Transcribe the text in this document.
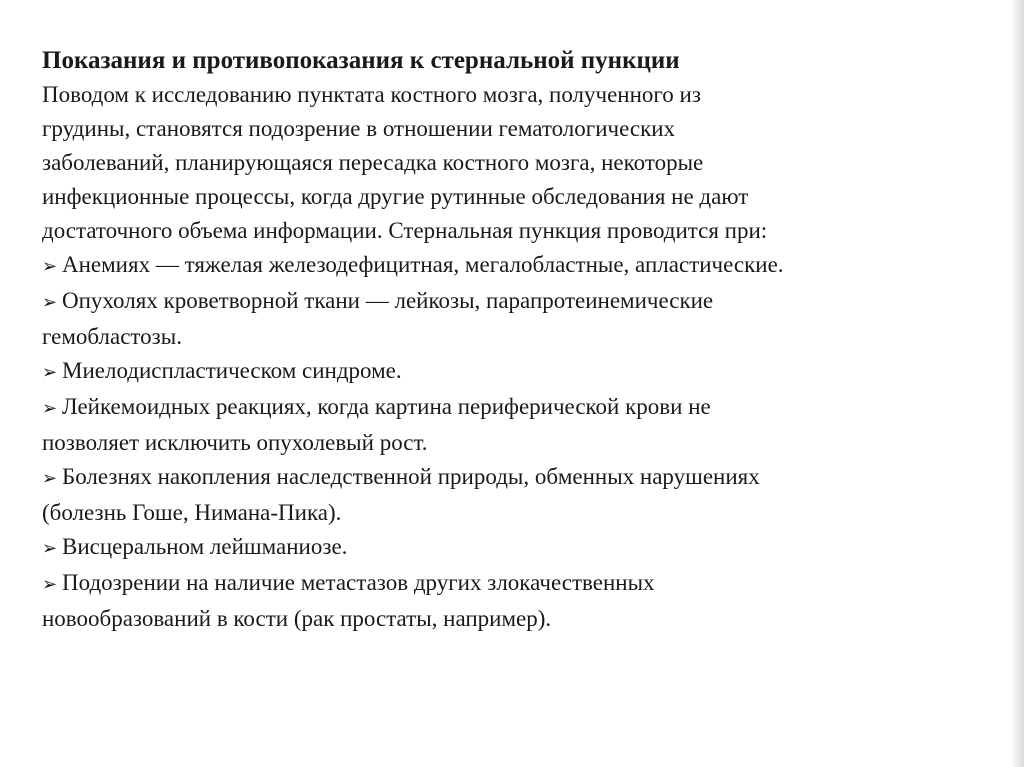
Показания и противопоказания к стернальной пункции

Поводом к исследованию пунктата костного мозга, полученного из
грудины, становятся подозрение в отношении гематологических
заболеваний, планирующаяся пересадка костного мозга, некоторые
инфекционные процессы, когда другие рутинные обследования не дают
достаточного объема информации. Стернальная пункция проводится при:

➢ Анемиях — тяжелая железодефицитная, мегалобластные, апластические.
➢ Опухолях кроветворной ткани — лейкозы, парапротеинемические
гемобластозы.
➢ Миелодиспластическом синдроме.
➢ Лейкемоидных реакциях, когда картина периферической крови не
позволяет исключить опухолевый рост.
➢ Болезнях накопления наследственной природы, обменных нарушениях
(болезнь Гоше, Нимана-Пика).
➢ Висцеральном лейшманиозе.
➢ Подозрении на наличие метастазов других злокачественных
новообразований в кости (рак простаты, например).
